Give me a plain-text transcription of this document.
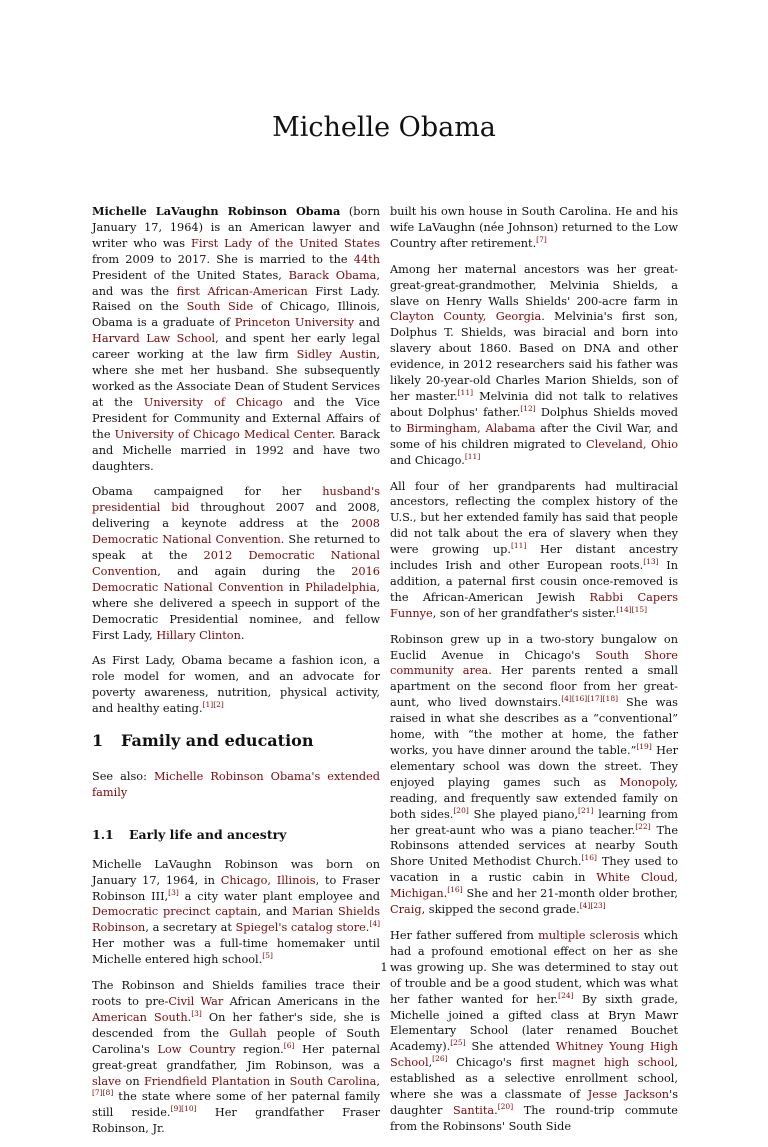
Michelle Obama

Michelle LaVaughn Robinson Obama (born January 17, 1964) is an American lawyer and writer who was First Lady of the United States from 2009 to 2017. She is married to the 44th President of the United States, Barack Obama, and was the first African-American First Lady. Raised on the South Side of Chicago, Illinois, Obama is a graduate of Princeton University and Harvard Law School, and spent her early legal career working at the law firm Sidley Austin, where she met her husband. She subsequently worked as the Associate Dean of Student Services at the University of Chicago and the Vice President for Community and External Affairs of the University of Chicago Medical Center. Barack and Michelle married in 1992 and have two daughters.

Obama campaigned for her husband's presidential bid throughout 2007 and 2008, delivering a keynote address at the 2008 Democratic National Convention. She returned to speak at the 2012 Democratic National Convention, and again during the 2016 Democratic National Convention in Philadelphia, where she delivered a speech in support of the Democratic Presidential nominee, and fellow First Lady, Hillary Clinton.

As First Lady, Obama became a fashion icon, a role model for women, and an advocate for poverty awareness, nutrition, physical activity, and healthy eating.[1][2]

1 Family and education

See also: Michelle Robinson Obama's extended family

1.1 Early life and ancestry

Michelle LaVaughn Robinson was born on January 17, 1964, in Chicago, Illinois, to Fraser Robinson III,[3] a city water plant employee and Democratic precinct captain, and Marian Shields Robinson, a secretary at Spiegel's catalog store.[4] Her mother was a full-time homemaker until Michelle entered high school.[5]

The Robinson and Shields families trace their roots to pre-Civil War African Americans in the American South.[3] On her father's side, she is descended from the Gullah people of South Carolina's Low Country region.[6] Her paternal great-great grandfather, Jim Robinson, was a slave on Friendfield Plantation in South Carolina,[7][8] the state where some of her paternal family still reside.[9][10] Her grandfather Fraser Robinson, Jr.

built his own house in South Carolina. He and his wife LaVaughn (née Johnson) returned to the Low Country after retirement.[7]

Among her maternal ancestors was her great-great-great-grandmother, Melvinia Shields, a slave on Henry Walls Shields' 200-acre farm in Clayton County, Georgia. Melvinia's first son, Dolphus T. Shields, was biracial and born into slavery about 1860. Based on DNA and other evidence, in 2012 researchers said his father was likely 20-year-old Charles Marion Shields, son of her master.[11] Melvinia did not talk to relatives about Dolphus' father.[12] Dolphus Shields moved to Birmingham, Alabama after the Civil War, and some of his children migrated to Cleveland, Ohio and Chicago.[11]

All four of her grandparents had multiracial ancestors, reflecting the complex history of the U.S., but her extended family has said that people did not talk about the era of slavery when they were growing up.[11] Her distant ancestry includes Irish and other European roots.[13] In addition, a paternal first cousin once-removed is the African-American Jewish Rabbi Capers Funnye, son of her grandfather's sister.[14][15]

Robinson grew up in a two-story bungalow on Euclid Avenue in Chicago's South Shore community area. Her parents rented a small apartment on the second floor from her great-aunt, who lived downstairs.[4][16][17][18] She was raised in what she describes as a “conventional” home, with “the mother at home, the father works, you have dinner around the table.”[19] Her elementary school was down the street. They enjoyed playing games such as Monopoly, reading, and frequently saw extended family on both sides.[20] She played piano,[21] learning from her great-aunt who was a piano teacher.[22] The Robinsons attended services at nearby South Shore United Methodist Church.[16] They used to vacation in a rustic cabin in White Cloud, Michigan.[16] She and her 21-month older brother, Craig, skipped the second grade.[4][23]

Her father suffered from multiple sclerosis which had a profound emotional effect on her as she was growing up. She was determined to stay out of trouble and be a good student, which was what her father wanted for her.[24] By sixth grade, Michelle joined a gifted class at Bryn Mawr Elementary School (later renamed Bouchet Academy).[25] She attended Whitney Young High School,[26] Chicago's first magnet high school, established as a selective enrollment school, where she was a classmate of Jesse Jackson's daughter Santita.[20] The round-trip commute from the Robinsons' South Side

1
